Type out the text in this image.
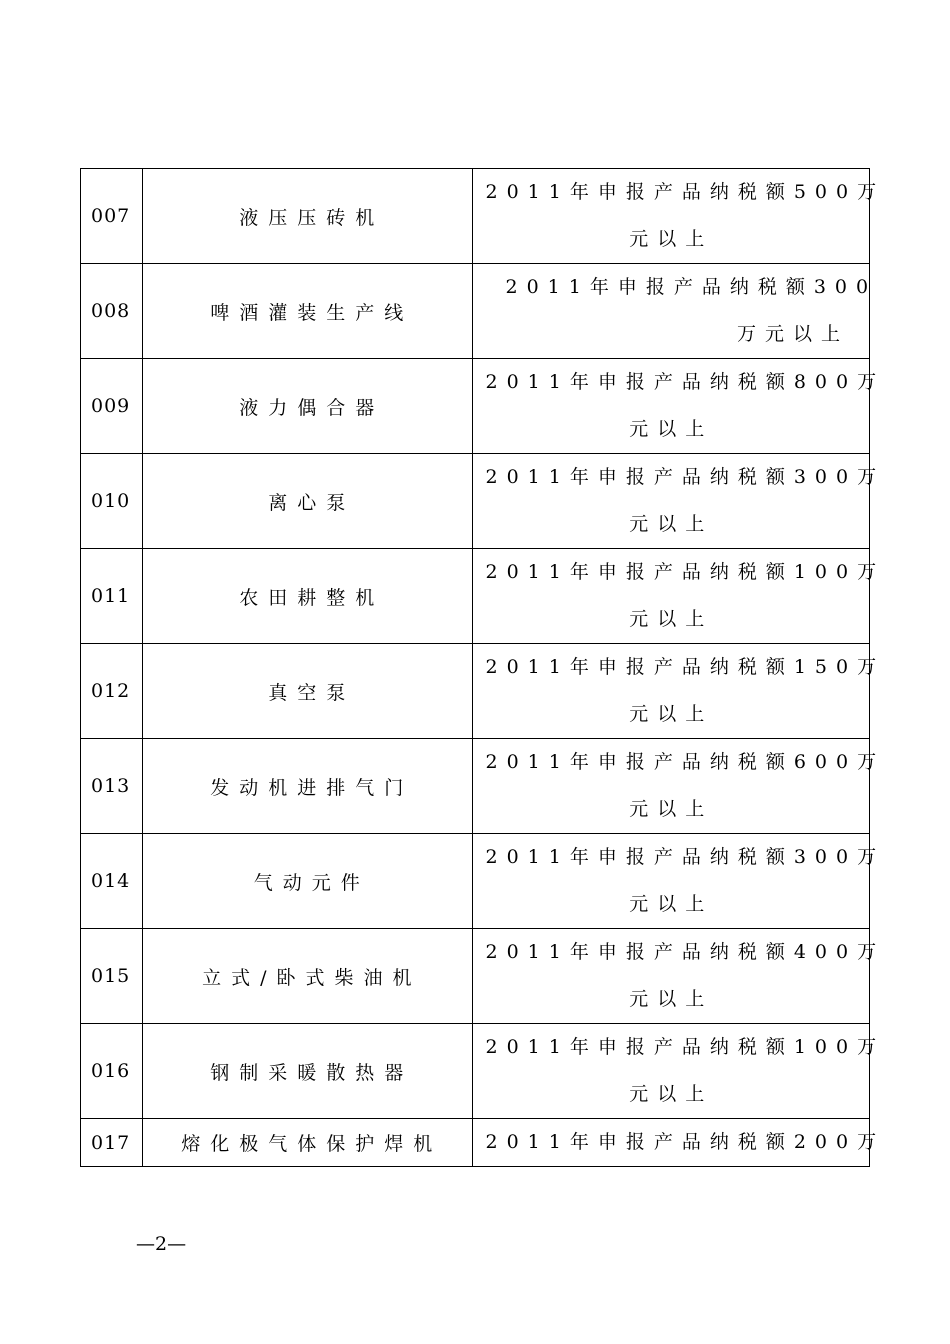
007	液压压砖机	2011年申报产品纳税额500万
元以上

008	啤酒灌装生产线	2011年申报产品纳税额300
万元以上

009	液力偶合器	2011年申报产品纳税额800万
元以上

010	离心泵	2011年申报产品纳税额300万
元以上

011	农田耕整机	2011年申报产品纳税额100万
元以上

012	真空泵	2011年申报产品纳税额150万
元以上

013	发动机进排气门	2011年申报产品纳税额600万
元以上

014	气动元件	2011年申报产品纳税额300万
元以上

015	立式/卧式柴油机	2011年申报产品纳税额400万
元以上

016	钢制采暖散热器	2011年申报产品纳税额100万
元以上

017	熔化极气体保护焊机	2011年申报产品纳税额200万
—2—
